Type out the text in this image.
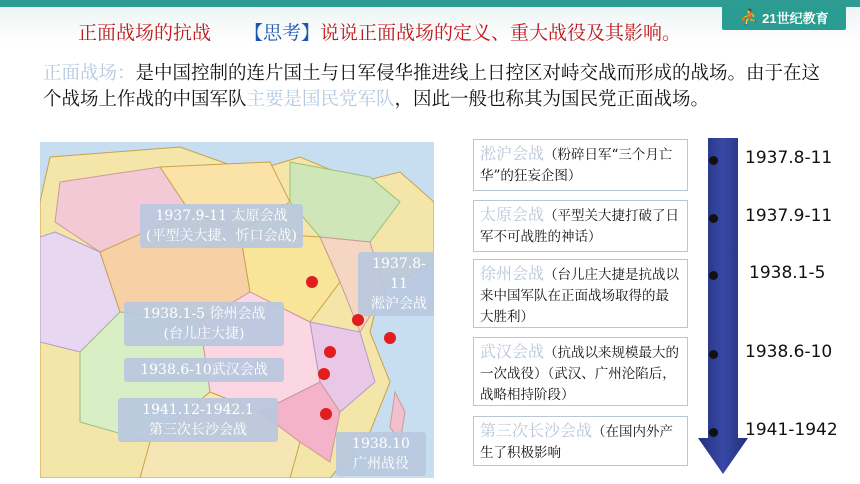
⛹ 21世纪教育
正面战场的抗战 【思考】说说正面战场的定义、重大战役及其影响。
正面战场：是中国控制的连片国土与日军侵华推进线上日控区对峙交战而形成的战场。由于在这个战场上作战的中国军队主要是国民党军队，因此一般也称其为国民党正面战场。
1937.9-11 太原会战
(平型关大捷、忻口会战)
1937.8-11
淞沪会战
1938.1-5 徐州会战
(台儿庄大捷)
1938.6-10武汉会战
1941.12-1942.1
第三次长沙会战
1938.10
广州战役
淞沪会战（粉碎日军“三个月亡华”的狂妄企图）
太原会战（平型关大捷打破了日军不可战胜的神话）
徐州会战（台儿庄大捷是抗战以来中国军队在正面战场取得的最大胜利）
武汉会战（抗战以来规模最大的一次战役）（武汉、广州沦陷后，战略相持阶段）
第三次长沙会战（在国内外产生了积极影响
1937.8-11
1937.9-11
1938.1-5
1938.6-10
1941-1942
